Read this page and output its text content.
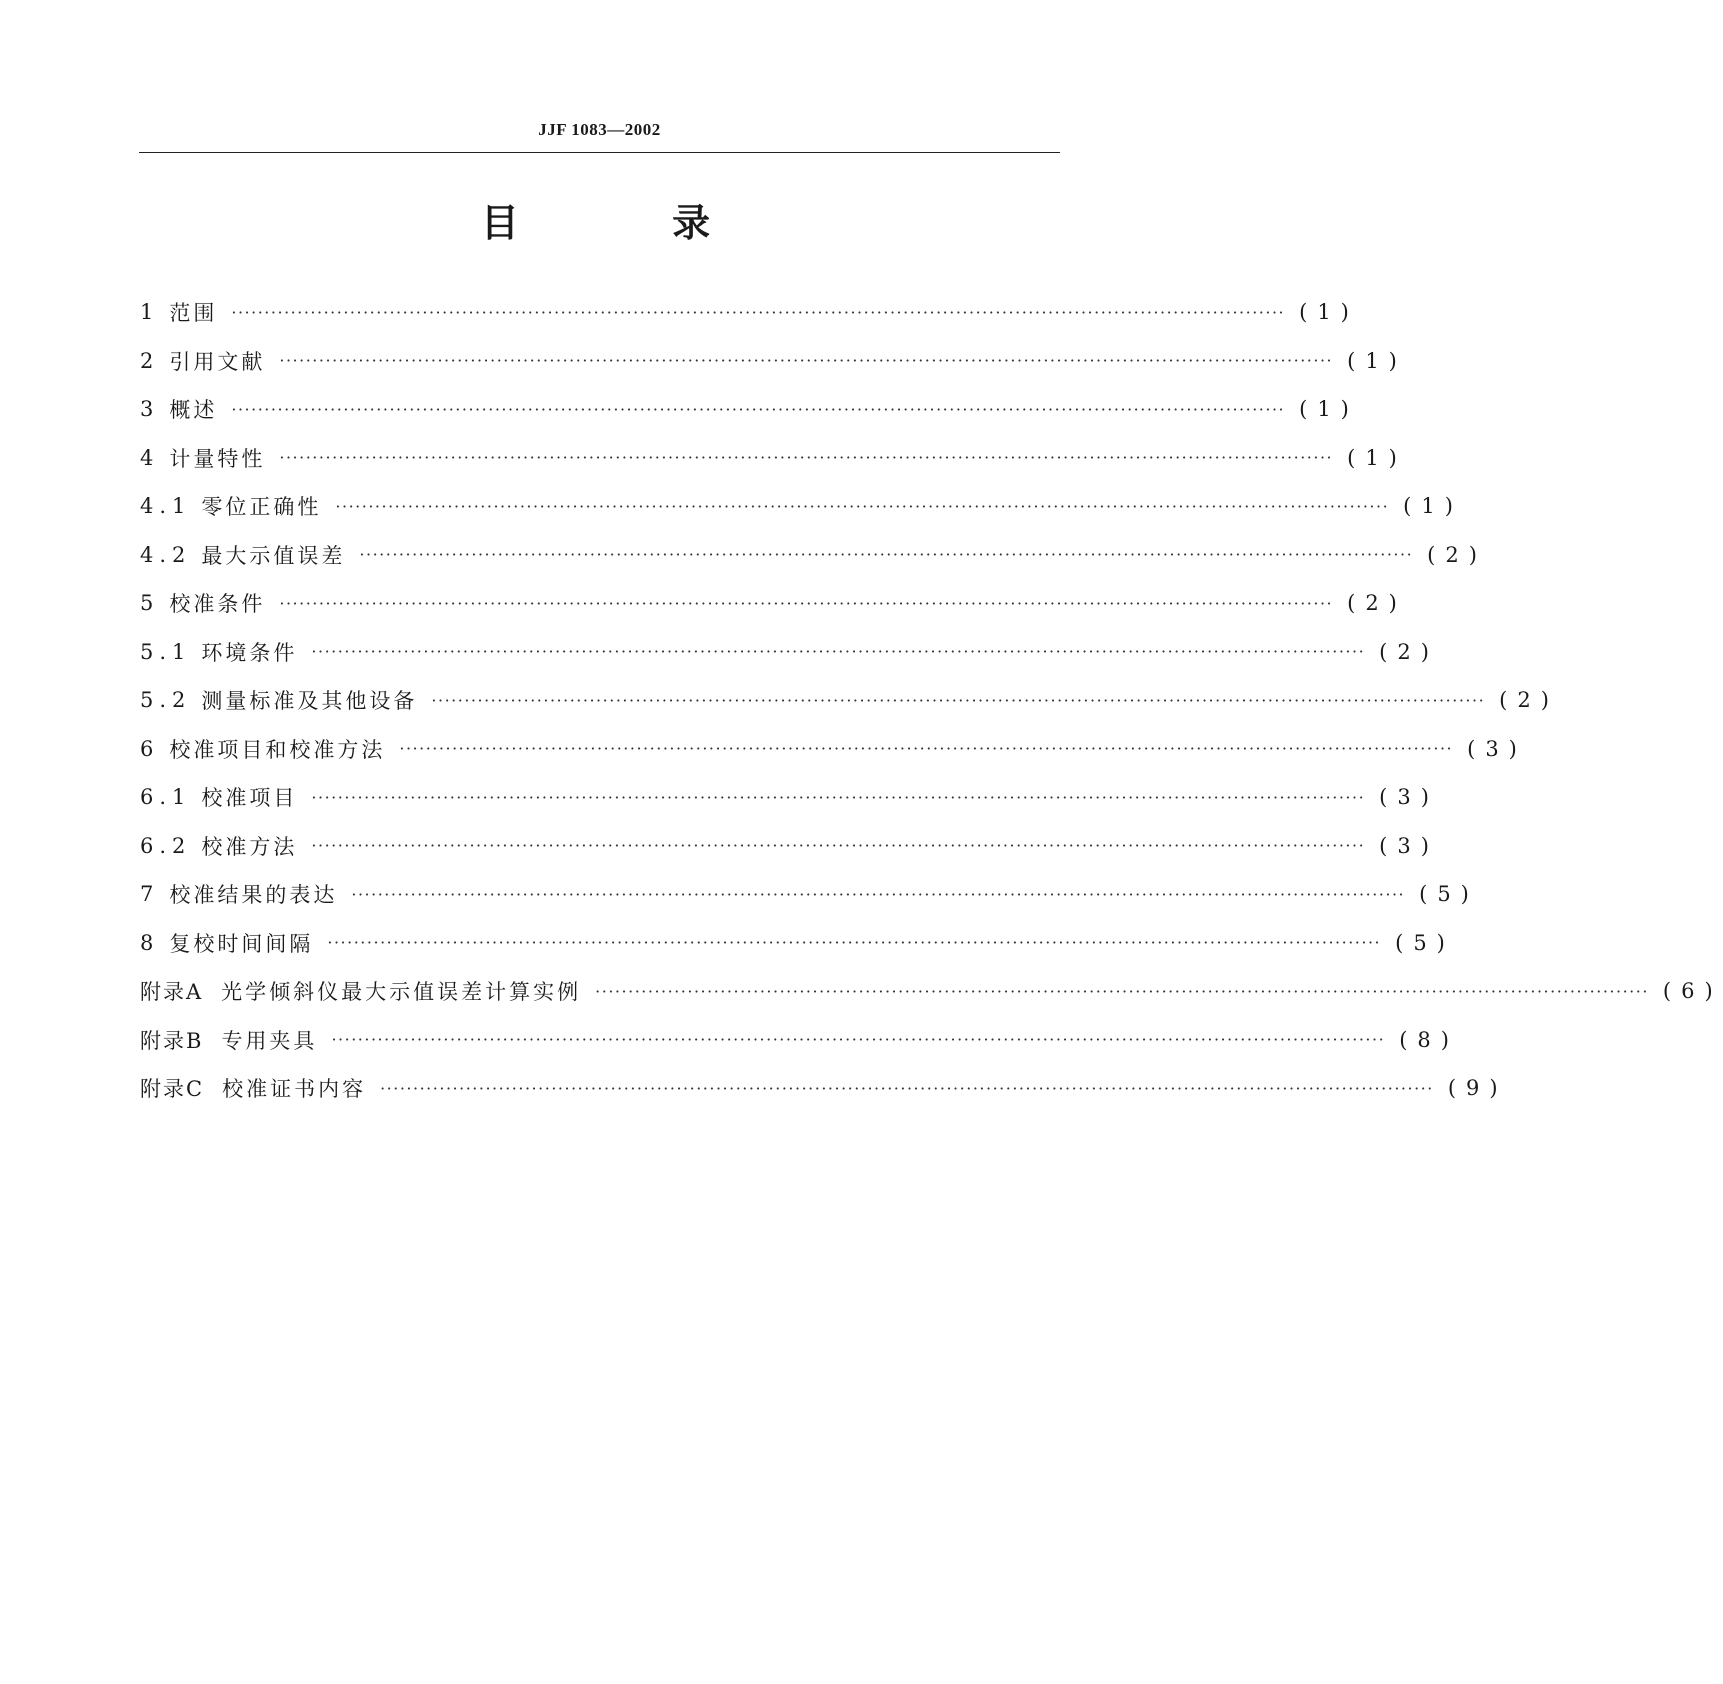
JJF 1083—2002
目 录
1 范围 ································································································································································ (1)
2 引用文献 ································································································································································ (1)
3 概述 ································································································································································ (1)
4 计量特性 ································································································································································ (1)
4.1 零位正确性 ································································································································································ (1)
4.2 最大示值误差 ································································································································································ (2)
5 校准条件 ································································································································································ (2)
5.1 环境条件 ································································································································································ (2)
5.2 测量标准及其他设备 ································································································································································ (2)
6 校准项目和校准方法 ································································································································································ (3)
6.1 校准项目 ································································································································································ (3)
6.2 校准方法 ································································································································································ (3)
7 校准结果的表达 ································································································································································ (5)
8 复校时间间隔 ································································································································································ (5)
附录A 光学倾斜仪最大示值误差计算实例 ································································································································································ (6)
附录B 专用夹具 ································································································································································ (8)
附录C 校准证书内容 ································································································································································ (9)
